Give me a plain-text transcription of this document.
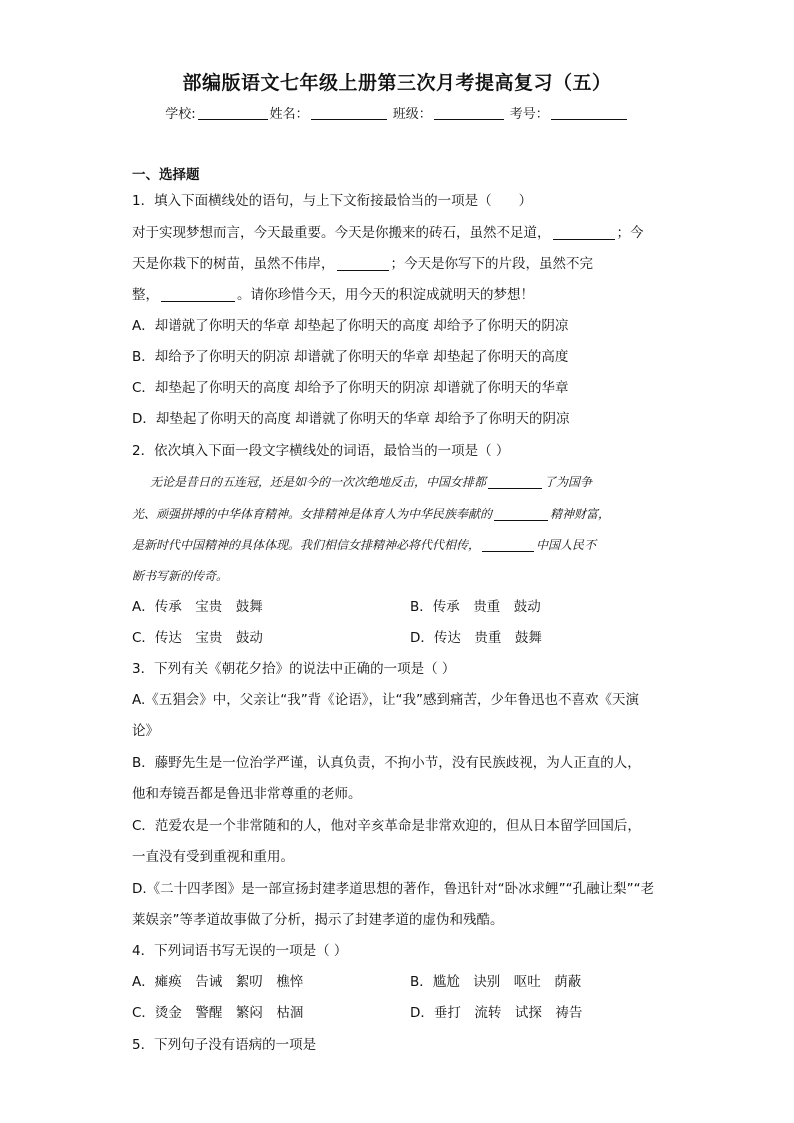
部编版语文七年级上册第三次月考提高复习（五）
学校:	姓名：	班级：	考号：
一、选择题
1．填入下面横线处的语句，与上下文衔接最恰当的一项是（　　）
对于实现梦想而言，今天最重要。今天是你搬来的砖石，虽然不足道，	；今
天是你栽下的树苗，虽然不伟岸，	；今天是你写下的片段，虽然不完
整，	。请你珍惜今天，用今天的积淀成就明天的梦想！
A．却谱就了你明天的华章 却垫起了你明天的高度 却给予了你明天的阴凉
B．却给予了你明天的阴凉 却谱就了你明天的华章 却垫起了你明天的高度
C．却垫起了你明天的高度 却给予了你明天的阴凉 却谱就了你明天的华章
D．却垫起了你明天的高度 却谱就了你明天的华章 却给予了你明天的阴凉
2．依次填入下面一段文字横线处的词语，最恰当的一项是（ ）
无论是昔日的五连冠，还是如今的一次次绝地反击，中国女排都	了为国争
光、顽强拼搏的中华体育精神。女排精神是体育人为中华民族奉献的	精神财富，
是新时代中国精神的具体体现。我们相信女排精神必将代代相传，	中国人民不
断书写新的传奇。
A．传承　宝贵　鼓舞	B．传承　贵重　鼓动
C．传达　宝贵　鼓动	D．传达　贵重　鼓舞
3．下列有关《朝花夕拾》的说法中正确的一项是（ ）
A.《五猖会》中，父亲让“我”背《论语》，让“我”感到痛苦，少年鲁迅也不喜欢《天演
论》
B．藤野先生是一位治学严谨，认真负责，不拘小节，没有民族歧视，为人正直的人，
他和寿镜吾都是鲁迅非常尊重的老师。
C．范爱农是一个非常随和的人，他对辛亥革命是非常欢迎的，但从日本留学回国后，
一直没有受到重视和重用。
D.《二十四孝图》是一部宣扬封建孝道思想的著作，鲁迅针对“卧冰求鲤”“孔融让梨”“老
莱娱亲”等孝道故事做了分析，揭示了封建孝道的虚伪和残酷。
4．下列词语书写无误的一项是（ ）
A．瘫痪　告诫　絮叨　樵悴	B．尴尬　诀别　呕吐　荫蔽
C．烫金　警醒　繁闷　枯涸	D．垂打　流转　试探　祷告
5．下列句子没有语病的一项是
